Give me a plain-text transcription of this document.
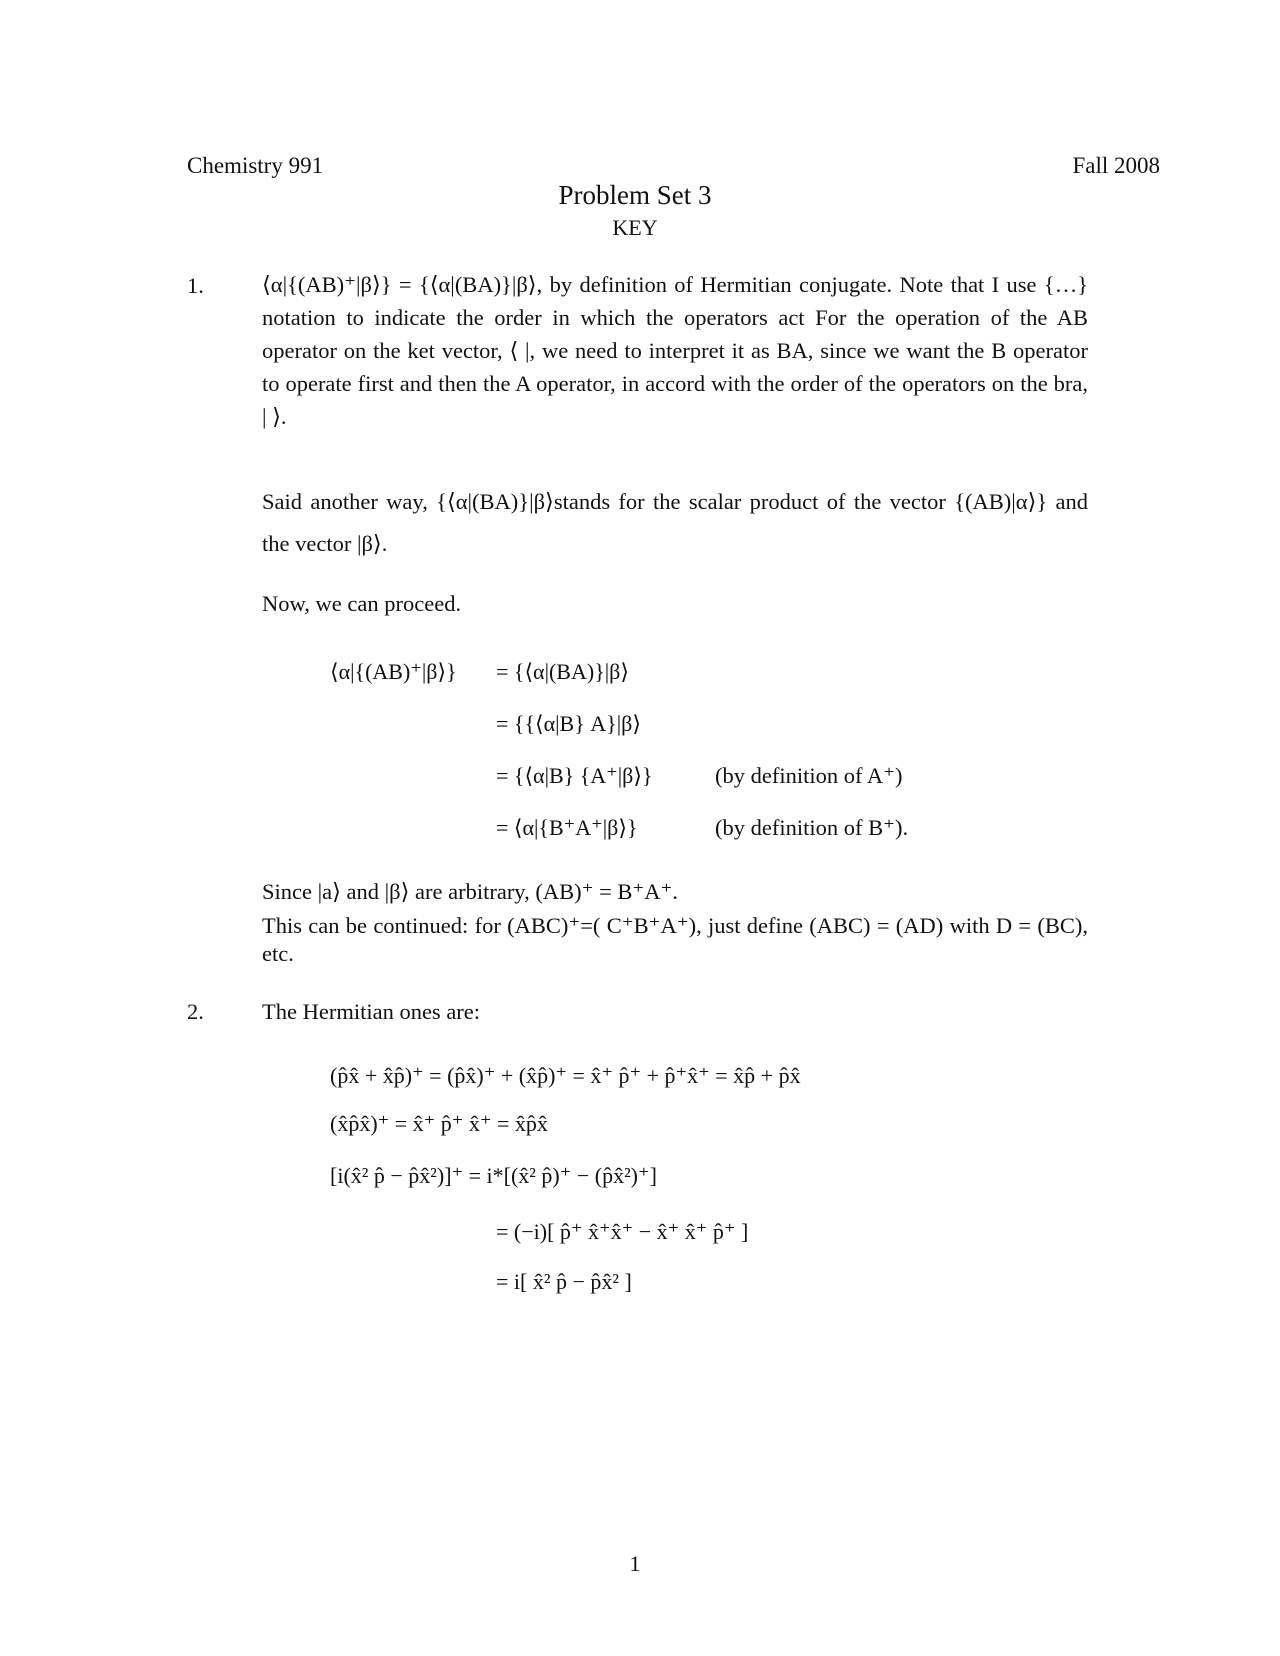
Chemistry 991	Fall 2008
Problem Set 3
KEY
1.	⟨α|{(AB)⁺|β⟩} = {⟨α|(BA)}|β⟩, by definition of Hermitian conjugate. Note that I use {…} notation to indicate the order in which the operators act For the operation of the AB operator on the ket vector, ⟨ |, we need to interpret it as BA, since we want the B operator to operate first and then the A operator, in accord with the order of the operators on the bra, | ⟩.

Said another way, {⟨α|(BA)}|β⟩stands for the scalar product of the vector {(AB)|α⟩} and the vector |β⟩.

Now, we can proceed.
⟨α|{(AB)⁺|β⟩} = {⟨α|(BA)}|β⟩
= {{⟨α|B} A}|β⟩
= {⟨α|B} {A⁺|β⟩}	(by definition of A⁺)
= ⟨α|{B⁺A⁺|β⟩}	(by definition of B⁺).

Since |a⟩ and |β⟩ are arbitrary, (AB)⁺ = B⁺A⁺.

This can be continued: for (ABC)⁺=( C⁺B⁺A⁺), just define (ABC) = (AD) with D = (BC), etc.
2.	The Hermitian ones are:
(p̂x̂ + x̂p̂)⁺ = (p̂x̂)⁺ + (x̂p̂)⁺ = x̂⁺ p̂⁺ + p̂⁺x̂⁺ = x̂p̂ + p̂x̂
(x̂p̂x̂)⁺ = x̂⁺ p̂⁺ x̂⁺ = x̂p̂x̂
[i(x̂² p̂ − p̂x̂²)]⁺ = i*[(x̂² p̂)⁺ − (p̂x̂²)⁺]
= (−i)[ p̂⁺ x̂⁺x̂⁺ − x̂⁺ x̂⁺ p̂⁺ ]
= i[ x̂² p̂ − p̂x̂² ]
1
